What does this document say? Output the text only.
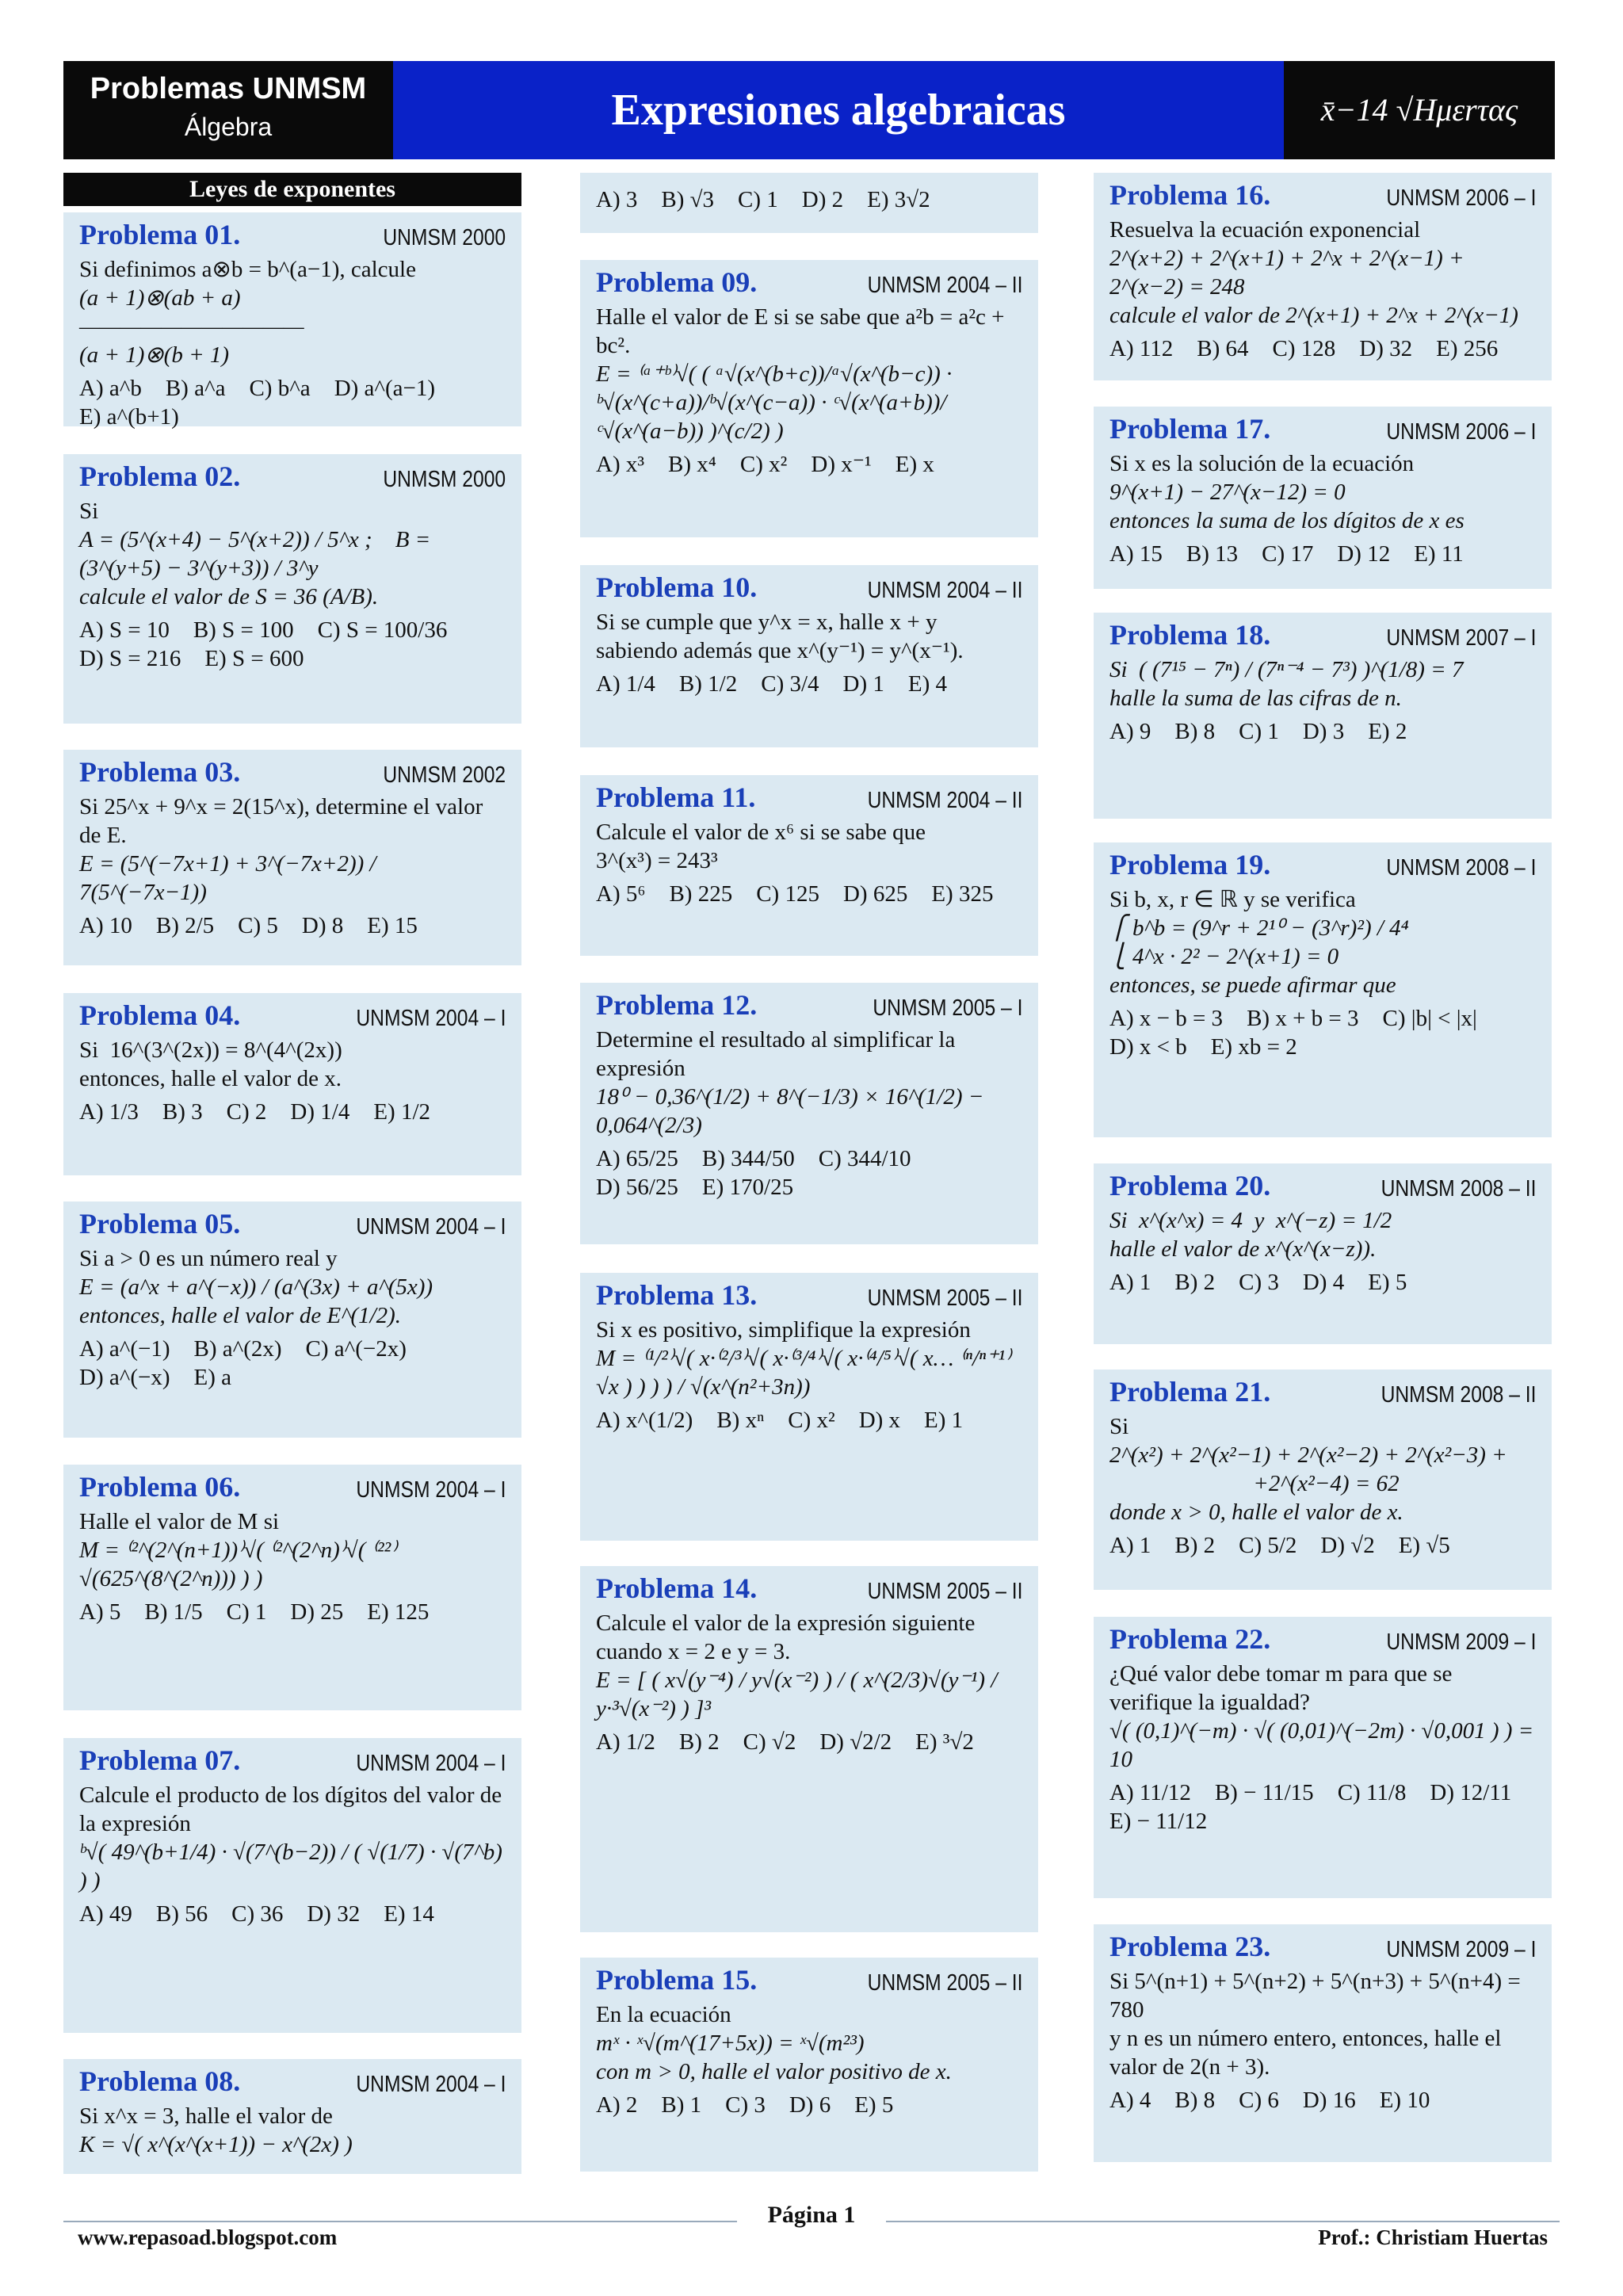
Problemas UNMSM
Álgebra	Expresiones algebraicas	x̄−14 √Ημεrτας
Leyes de exponentes
Problema 01.	UNMSM 2000
Si definimos a⊗b = b^(a−1), calcule
(a + 1)⊗(ab + a)
———————————
(a + 1)⊗(b + 1)
A) a^b B) a^a C) b^a D) a^(a−1)
E) a^(b+1)
Problema 02.	UNMSM 2000
Si
A = (5^(x+4) − 5^(x+2)) / 5^x ;    B = (3^(y+5) − 3^(y+3)) / 3^y
calcule el valor de S = 36 (A/B).
A) S = 10 B) S = 100 C) S = 100/36
D) S = 216 E) S = 600
Problema 03.	UNMSM 2002
Si 25^x + 9^x = 2(15^x), determine el valor de E.
E = (5^(−7x+1) + 3^(−7x+2)) / 7(5^(−7x−1))
A) 10 B) 2/5 C) 5 D) 8 E) 15
Problema 04.	UNMSM 2004 – I
Si  16^(3^(2x)) = 8^(4^(2x))
entonces, halle el valor de x.
A) 1/3 B) 3 C) 2 D) 1/4 E) 1/2
Problema 05.	UNMSM 2004 – I
Si a > 0 es un número real y
E = (a^x + a^(−x)) / (a^(3x) + a^(5x))
entonces, halle el valor de E^(1/2).
A) a^(−1) B) a^(2x) C) a^(−2x)
D) a^(−x) E) a
Problema 06.	UNMSM 2004 – I
Halle el valor de M si
M = ⁽²^(2^(n+1))⁾√( ⁽²^(2^n)⁾√( ⁽²²⁾√(625^(8^(2^n))) ) )
A) 5 B) 1/5 C) 1 D) 25 E) 125
Problema 07.	UNMSM 2004 – I
Calcule el producto de los dígitos del valor de la expresión
ᵇ√( 49^(b+1/4) · √(7^(b−2)) / ( √(1/7) · √(7^b) ) )
A) 49 B) 56 C) 36 D) 32 E) 14
Problema 08.	UNMSM 2004 – I
Si x^x = 3, halle el valor de
K = √( x^(x^(x+1)) − x^(2x) )
A) 3 B) √3 C) 1 D) 2 E) 3√2
Problema 09.	UNMSM 2004 – II
Halle el valor de E si se sabe que a²b = a²c + bc².
E = ⁽ᵃ⁺ᵇ⁾√( ( ᵃ√(x^(b+c))/ᵃ√(x^(b−c)) · ᵇ√(x^(c+a))/ᵇ√(x^(c−a)) · ᶜ√(x^(a+b))/ᶜ√(x^(a−b)) )^(c/2) )
A) x³ B) x⁴ C) x² D) x⁻¹ E) x
Problema 10.	UNMSM 2004 – II
Si se cumple que y^x = x, halle x + y sabiendo además que x^(y⁻¹) = y^(x⁻¹).
A) 1/4 B) 1/2 C) 3/4 D) 1 E) 4
Problema 11.	UNMSM 2004 – II
Calcule el valor de x⁶ si se sabe que
3^(x³) = 243³
A) 5⁶ B) 225 C) 125 D) 625 E) 325
Problema 12.	UNMSM 2005 – I
Determine el resultado al simplificar la expresión
18⁰ − 0,36^(1/2) + 8^(−1/3) × 16^(1/2) − 0,064^(2/3)
A) 65/25 B) 344/50 C) 344/10
D) 56/25 E) 170/25
Problema 13.	UNMSM 2005 – II
Si x es positivo, simplifique la expresión
M = ⁽¹/²⁾√( x·⁽²/³⁾√( x·⁽³/⁴⁾√( x·⁽⁴/⁵⁾√( x… ⁽ⁿ/ⁿ⁺¹⁾√x ) ) ) ) / √(x^(n²+3n))
A) x^(1/2) B) xⁿ C) x² D) x E) 1
Problema 14.	UNMSM 2005 – II
Calcule el valor de la expresión siguiente cuando x = 2 e y = 3.
E = [ ( x√(y⁻⁴) / y√(x⁻²) ) / ( x^(2/3)√(y⁻¹) / y·³√(x⁻²) ) ]³
A) 1/2 B) 2 C) √2 D) √2/2 E) ³√2
Problema 15.	UNMSM 2005 – II
En la ecuación
mˣ · ˣ√(m^(17+5x)) = ˣ√(m²³)
con m > 0, halle el valor positivo de x.
A) 2 B) 1 C) 3 D) 6 E) 5
Problema 16.	UNMSM 2006 – I
Resuelva la ecuación exponencial
2^(x+2) + 2^(x+1) + 2^x + 2^(x−1) + 2^(x−2) = 248
calcule el valor de 2^(x+1) + 2^x + 2^(x−1)
A) 112 B) 64 C) 128 D) 32 E) 256
Problema 17.	UNMSM 2006 – I
Si x es la solución de la ecuación
9^(x+1) − 27^(x−12) = 0
entonces la suma de los dígitos de x es
A) 15 B) 13 C) 17 D) 12 E) 11
Problema 18.	UNMSM 2007 – I
Si  ( (7¹⁵ − 7ⁿ) / (7ⁿ⁻⁴ − 7³) )^(1/8) = 7
halle la suma de las cifras de n.
A) 9 B) 8 C) 1 D) 3 E) 2
Problema 19.	UNMSM 2008 – I
Si b, x, r ∈ ℝ y se verifica
⎧ b^b = (9^r + 2¹⁰ − (3^r)²) / 4⁴
⎩ 4^x · 2² − 2^(x+1) = 0
entonces, se puede afirmar que
A) x − b = 3 B) x + b = 3 C) |b| < |x|
D) x < b E) xb = 2
Problema 20.	UNMSM 2008 – II
Si  x^(x^x) = 4  y  x^(−z) = 1/2
halle el valor de x^(x^(x−z)).
A) 1 B) 2 C) 3 D) 4 E) 5
Problema 21.	UNMSM 2008 – II
Si
2^(x²) + 2^(x²−1) + 2^(x²−2) + 2^(x²−3) +
+2^(x²−4) = 62
donde x > 0, halle el valor de x.
A) 1 B) 2 C) 5/2 D) √2 E) √5
Problema 22.	UNMSM 2009 – I
¿Qué valor debe tomar m para que se verifique la igualdad?
√( (0,1)^(−m) · √( (0,01)^(−2m) · √0,001 ) ) = 10
A) 11/12 B) − 11/15 C) 11/8 D) 12/11
E) − 11/12
Problema 23.	UNMSM 2009 – I
Si 5^(n+1) + 5^(n+2) + 5^(n+3) + 5^(n+4) = 780
y n es un número entero, entonces, halle el valor de 2(n + 3).
A) 4 B) 8 C) 6 D) 16 E) 10
Página 1
www.repasoad.blogspot.com	Prof.: Christiam Huertas
